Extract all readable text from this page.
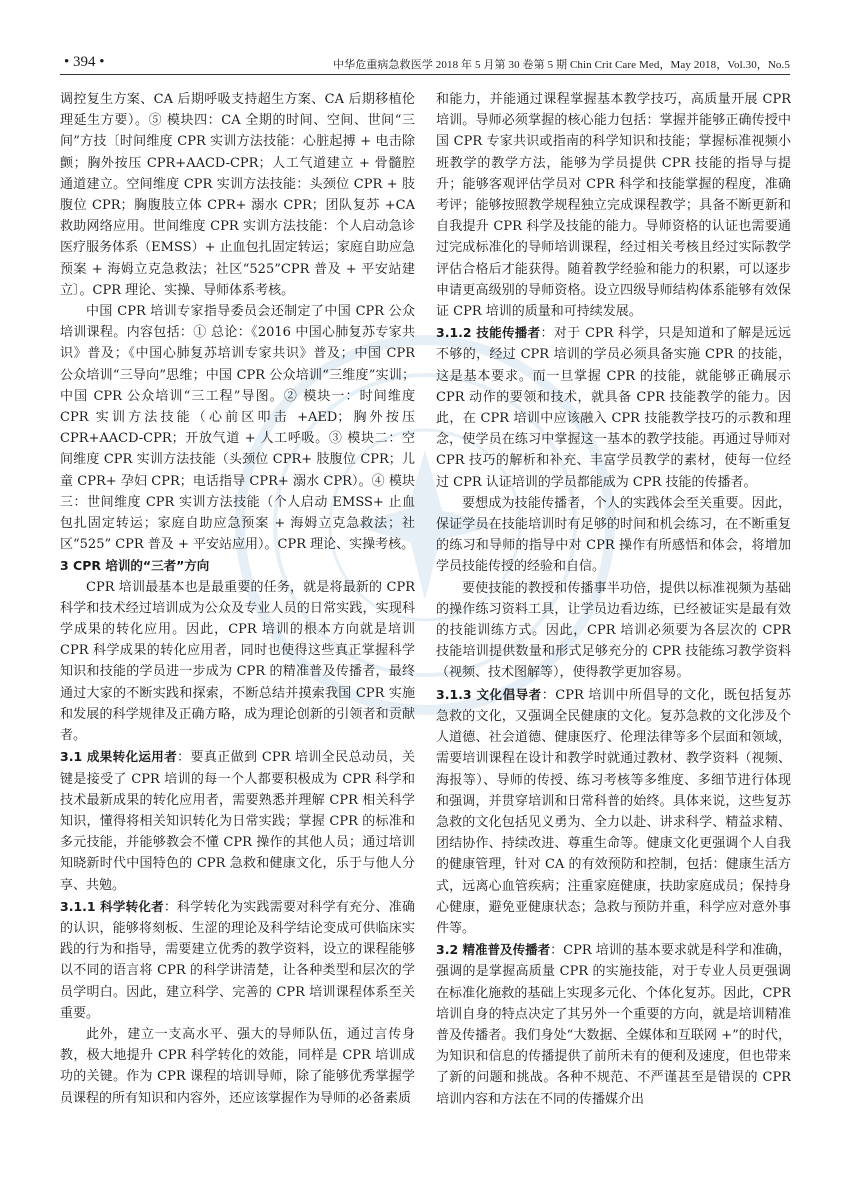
• 394 •	中华危重病急救医学 2018 年 5 月第 30 卷第 5 期 Chin Crit Care Med，May 2018，Vol.30，No.5

调控复生方案、CA 后期呼吸支持超生方案、CA 后期移植伦理延生方要）。⑤ 模块四：CA 全期的时间、空间、世间“三间”方技〔时间维度 CPR 实训方法技能：心脏起搏 + 电击除颤；胸外按压 CPR+AACD-CPR；人工气道建立 + 骨髓腔通道建立。空间维度 CPR 实训方法技能：头颈位 CPR + 肢腹位 CPR；胸腹肢立体 CPR+ 溺水 CPR；团队复苏 +CA 救助网络应用。世间维度 CPR 实训方法技能：个人启动急诊医疗服务体系（EMSS）+ 止血包扎固定转运；家庭自助应急预案 + 海姆立克急救法；社区“525”CPR 普及 + 平安站建立〕。CPR 理论、实操、导师体系考核。

中国 CPR 培训专家指导委员会还制定了中国 CPR 公众培训课程。内容包括：① 总论：《2016 中国心肺复苏专家共识》普及；《中国心肺复苏培训专家共识》普及；中国 CPR 公众培训“三导向”思维；中国 CPR 公众培训“三维度”实训；中国 CPR 公众培训“三工程”导图。② 模块一：时间维度 CPR 实训方法技能（心前区叩击 +AED；胸外按压 CPR+AACD-CPR；开放气道 + 人工呼吸。③ 模块二：空间维度 CPR 实训方法技能（头颈位 CPR+ 肢腹位 CPR；儿童 CPR+ 孕妇 CPR；电话指导 CPR+ 溺水 CPR）。④ 模块三：世间维度 CPR 实训方法技能（个人启动 EMSS+ 止血包扎固定转运；家庭自助应急预案 + 海姆立克急救法；社区“525” CPR 普及 + 平安站应用）。CPR 理论、实操考核。

3 CPR 培训的“三者”方向

CPR 培训最基本也是最重要的任务，就是将最新的 CPR 科学和技术经过培训成为公众及专业人员的日常实践，实现科学成果的转化应用。因此，CPR 培训的根本方向就是培训 CPR 科学成果的转化应用者，同时也使得这些真正掌握科学知识和技能的学员进一步成为 CPR 的精准普及传播者，最终通过大家的不断实践和探索，不断总结并摸索我国 CPR 实施和发展的科学规律及正确方略，成为理论创新的引领者和贡献者。

3.1 成果转化运用者：要真正做到 CPR 培训全民总动员，关键是接受了 CPR 培训的每一个人都要积极成为 CPR 科学和技术最新成果的转化应用者，需要熟悉并理解 CPR 相关科学知识，懂得将相关知识转化为日常实践；掌握 CPR 的标准和多元技能，并能够教会不懂 CPR 操作的其他人员；通过培训知晓新时代中国特色的 CPR 急救和健康文化，乐于与他人分享、共勉。

3.1.1 科学转化者：科学转化为实践需要对科学有充分、准确的认识，能够将刻板、生涩的理论及科学结论变成可供临床实践的行为和指导，需要建立优秀的教学资料，设立的课程能够以不同的语言将 CPR 的科学讲清楚，让各种类型和层次的学员学明白。因此，建立科学、完善的 CPR 培训课程体系至关重要。

此外，建立一支高水平、强大的导师队伍，通过言传身教，极大地提升 CPR 科学转化的效能，同样是 CPR 培训成功的关键。作为 CPR 课程的培训导师，除了能够优秀掌握学员课程的所有知识和内容外，还应该掌握作为导师的必备素质

和能力，并能通过课程掌握基本教学技巧，高质量开展 CPR 培训。导师必须掌握的核心能力包括：掌握并能够正确传授中国 CPR 专家共识或指南的科学知识和技能；掌握标准视频小班教学的教学方法，能够为学员提供 CPR 技能的指导与提升；能够客观评估学员对 CPR 科学和技能掌握的程度，准确考评；能够按照教学规程独立完成课程教学；具备不断更新和自我提升 CPR 科学及技能的能力。导师资格的认证也需要通过完成标准化的导师培训课程，经过相关考核且经过实际教学评估合格后才能获得。随着教学经验和能力的积累，可以逐步申请更高级别的导师资格。设立四级导师结构体系能够有效保证 CPR 培训的质量和可持续发展。

3.1.2 技能传播者：对于 CPR 科学，只是知道和了解是远远不够的，经过 CPR 培训的学员必须具备实施 CPR 的技能，这是基本要求。而一旦掌握 CPR 的技能，就能够正确展示 CPR 动作的要领和技术，就具备 CPR 技能教学的能力。因此，在 CPR 培训中应该融入 CPR 技能教学技巧的示教和理念，使学员在练习中掌握这一基本的教学技能。再通过导师对 CPR 技巧的解析和补充、丰富学员教学的素材，使每一位经过 CPR 认证培训的学员都能成为 CPR 技能的传播者。

要想成为技能传播者，个人的实践体会至关重要。因此，保证学员在技能培训时有足够的时间和机会练习，在不断重复的练习和导师的指导中对 CPR 操作有所感悟和体会，将增加学员技能传授的经验和自信。

要使技能的教授和传播事半功倍，提供以标准视频为基础的操作练习资料工具，让学员边看边练，已经被证实是最有效的技能训练方式。因此，CPR 培训必须要为各层次的 CPR 技能培训提供数量和形式足够充分的 CPR 技能练习教学资料（视频、技术图解等），使得教学更加容易。

3.1.3 文化倡导者：CPR 培训中所倡导的文化，既包括复苏急救的文化，又强调全民健康的文化。复苏急救的文化涉及个人道德、社会道德、健康医疗、伦理法律等多个层面和领域，需要培训课程在设计和教学时就通过教材、教学资料（视频、海报等）、导师的传授、练习考核等多维度、多细节进行体现和强调，并贯穿培训和日常科普的始终。具体来说，这些复苏急救的文化包括见义勇为、全力以赴、讲求科学、精益求精、团结协作、持续改进、尊重生命等。健康文化更强调个人自我的健康管理，针对 CA 的有效预防和控制，包括：健康生活方式，远离心血管疾病；注重家庭健康，扶助家庭成员；保持身心健康，避免亚健康状态；急救与预防并重，科学应对意外事件等。

3.2 精准普及传播者：CPR 培训的基本要求就是科学和准确，强调的是掌握高质量 CPR 的实施技能，对于专业人员更强调在标准化施救的基础上实现多元化、个体化复苏。因此，CPR 培训自身的特点决定了其另外一个重要的方向，就是培训精准普及传播者。我们身处“大数据、全媒体和互联网 +”的时代，为知识和信息的传播提供了前所未有的便利及速度，但也带来了新的问题和挑战。各种不规范、不严谨甚至是错误的 CPR 培训内容和方法在不同的传播媒介出
